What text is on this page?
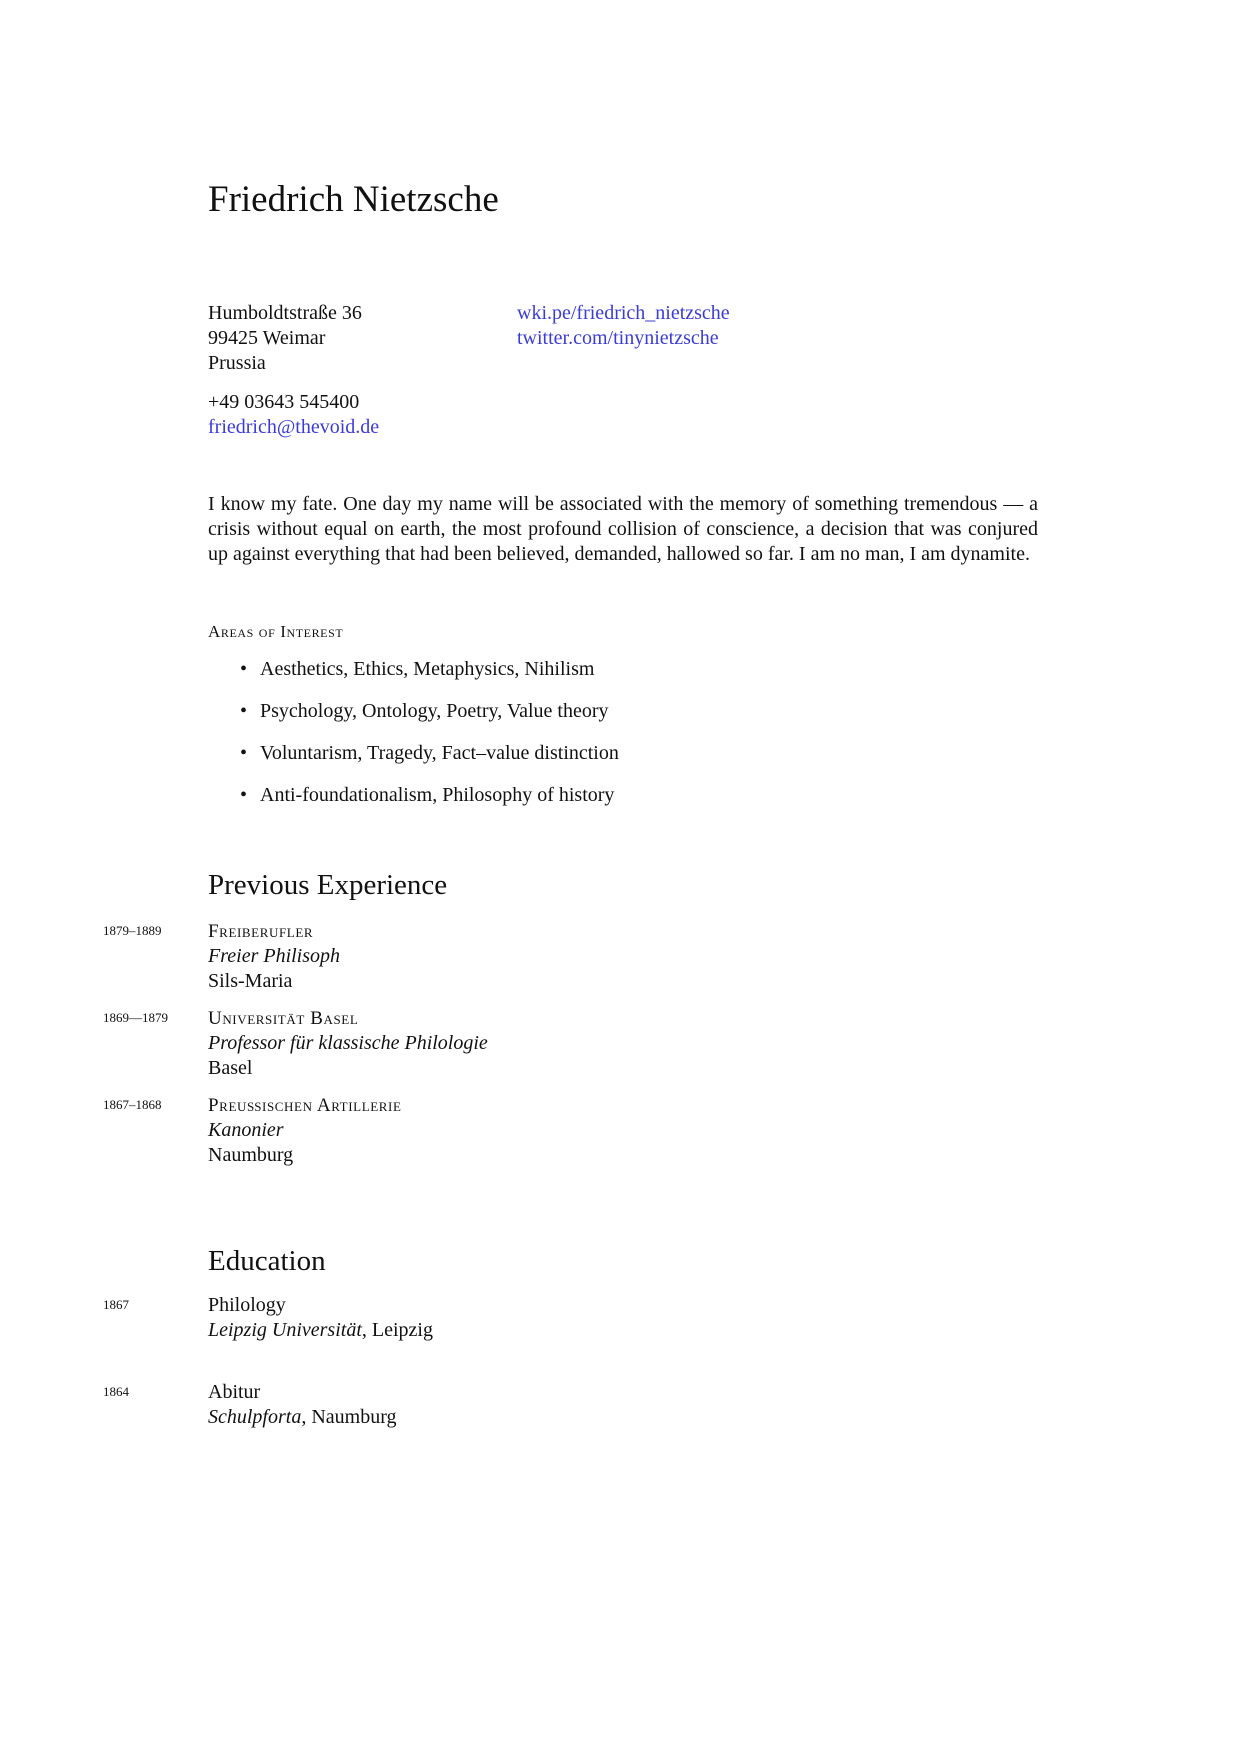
Friedrich Nietzsche
Humboldtstraße 36
99425 Weimar
Prussia
wki.pe/friedrich_nietzsche
twitter.com/tinynietzsche
+49 03643 545400
friedrich@thevoid.de

I know my fate. One day my name will be associated with the memory of something tremendous — a crisis without equal on earth, the most profound collision of conscience, a decision that was conjured up against everything that had been believed, demanded, hallowed so far. I am no man, I am dynamite.

Areas of Interest
• Aesthetics, Ethics, Metaphysics, Nihilism
• Psychology, Ontology, Poetry, Value theory
• Voluntarism, Tragedy, Fact–value distinction
• Anti-foundationalism, Philosophy of history
Previous Experience
1879–1889 Freiberufler
Freier Philisoph
Sils-Maria
1869—1879 Universität Basel
Professor für klassische Philologie
Basel
1867–1868 Preußischen Artillerie
Kanonier
Naumburg
Education
1867	Philology
Leipzig Universität, Leipzig
1864	Abitur
Schulpforta, Naumburg
